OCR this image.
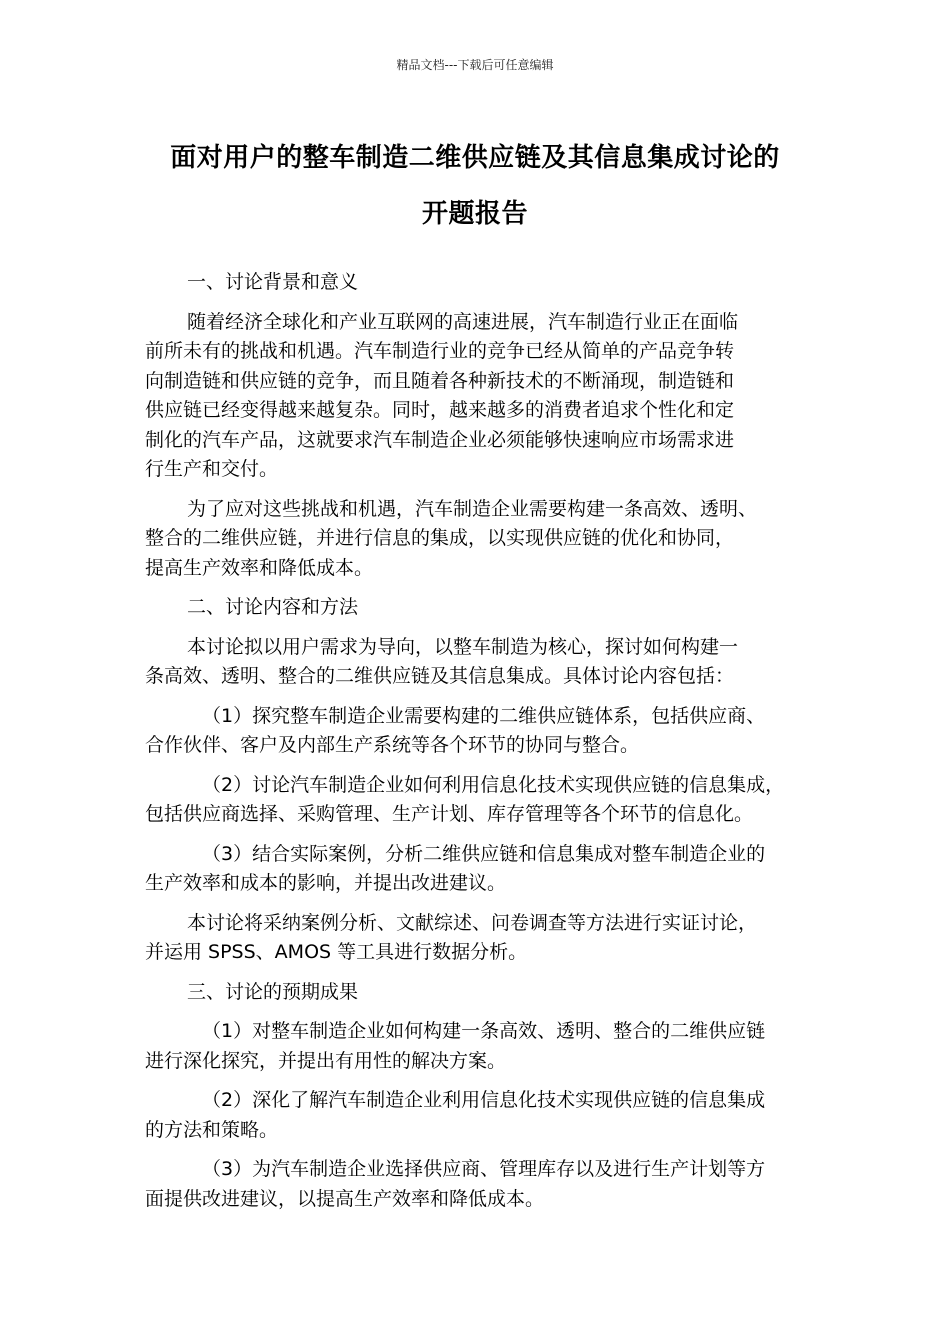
精品文档---下载后可任意编辑
面对用户的整车制造二维供应链及其信息集成讨论的
开题报告
一、讨论背景和意义
随着经济全球化和产业互联网的高速进展，汽车制造行业正在面临
前所未有的挑战和机遇。汽车制造行业的竞争已经从简单的产品竞争转
向制造链和供应链的竞争，而且随着各种新技术的不断涌现，制造链和
供应链已经变得越来越复杂。同时，越来越多的消费者追求个性化和定
制化的汽车产品，这就要求汽车制造企业必须能够快速响应市场需求进
行生产和交付。
为了应对这些挑战和机遇，汽车制造企业需要构建一条高效、透明、
整合的二维供应链，并进行信息的集成，以实现供应链的优化和协同，
提高生产效率和降低成本。
二、讨论内容和方法
本讨论拟以用户需求为导向，以整车制造为核心，探讨如何构建一
条高效、透明、整合的二维供应链及其信息集成。具体讨论内容包括：
（1）探究整车制造企业需要构建的二维供应链体系，包括供应商、
合作伙伴、客户及内部生产系统等各个环节的协同与整合。
（2）讨论汽车制造企业如何利用信息化技术实现供应链的信息集成，
包括供应商选择、采购管理、生产计划、库存管理等各个环节的信息化。
（3）结合实际案例，分析二维供应链和信息集成对整车制造企业的
生产效率和成本的影响，并提出改进建议。
本讨论将采纳案例分析、文献综述、问卷调查等方法进行实证讨论，
并运用 SPSS、AMOS 等工具进行数据分析。
三、讨论的预期成果
（1）对整车制造企业如何构建一条高效、透明、整合的二维供应链
进行深化探究，并提出有用性的解决方案。
（2）深化了解汽车制造企业利用信息化技术实现供应链的信息集成
的方法和策略。
（3）为汽车制造企业选择供应商、管理库存以及进行生产计划等方
面提供改进建议，以提高生产效率和降低成本。
